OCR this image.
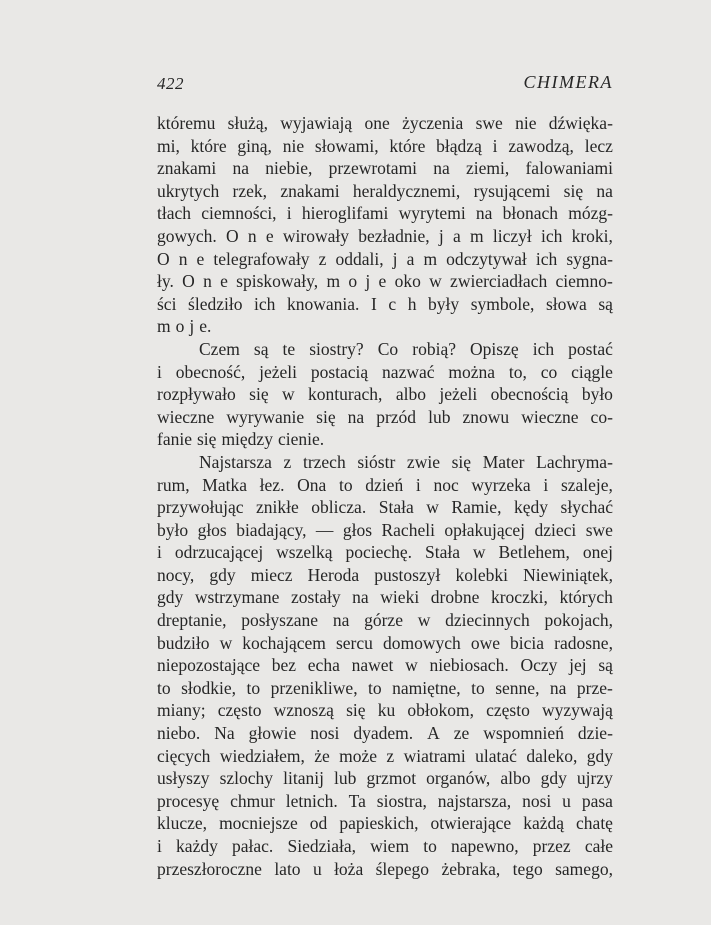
422	CHIMERA
któremu służą, wyjawiają one życzenia swe nie dźwięka-
mi, które giną, nie słowami, które błądzą i zawodzą, lecz
znakami na niebie, przewrotami na ziemi, falowaniami
ukrytych rzek, znakami heraldycznemi, rysującemi się na
tłach ciemności, i hieroglifami wyrytemi na błonach mózg-
gowych. O n e wirowały bezładnie, j a m liczył ich kroki,
O n e telegrafowały z oddali, j a m odczytywał ich sygna-
ły. O n e spiskowały, m o j e oko w zwierciadłach ciemno-
ści śledziło ich knowania. I c h były symbole, słowa są
m o j e.
Czem są te siostry? Co robią? Opiszę ich postać
i obecność, jeżeli postacią nazwać można to, co ciągle
rozpływało się w konturach, albo jeżeli obecnością było
wieczne wyrywanie się na przód lub znowu wieczne co-
fanie się między cienie.
Najstarsza z trzech sióstr zwie się Mater Lachryma-
rum, Matka łez. Ona to dzień i noc wyrzeka i szaleje,
przywołując znikłe oblicza. Stała w Ramie, kędy słychać
było głos biadający, — głos Racheli opłakującej dzieci swe
i odrzucającej wszelką pociechę. Stała w Betlehem, onej
nocy, gdy miecz Heroda pustoszył kolebki Niewiniątek,
gdy wstrzymane zostały na wieki drobne kroczki, których
dreptanie, posłyszane na górze w dziecinnych pokojach,
budziło w kochającem sercu domowych owe bicia radosne,
niepozostające bez echa nawet w niebiosach. Oczy jej są
to słodkie, to przenikliwe, to namiętne, to senne, na prze-
miany; często wznoszą się ku obłokom, często wyzywają
niebo. Na głowie nosi dyadem. A ze wspomnień dzie-
cięcych wiedziałem, że może z wiatrami ulatać daleko, gdy
usłyszy szlochy litanij lub grzmot organów, albo gdy ujrzy
procesyę chmur letnich. Ta siostra, najstarsza, nosi u pasa
klucze, mocniejsze od papieskich, otwierające każdą chatę
i każdy pałac. Siedziała, wiem to napewno, przez całe
przeszłoroczne lato u łoża ślepego żebraka, tego samego,
